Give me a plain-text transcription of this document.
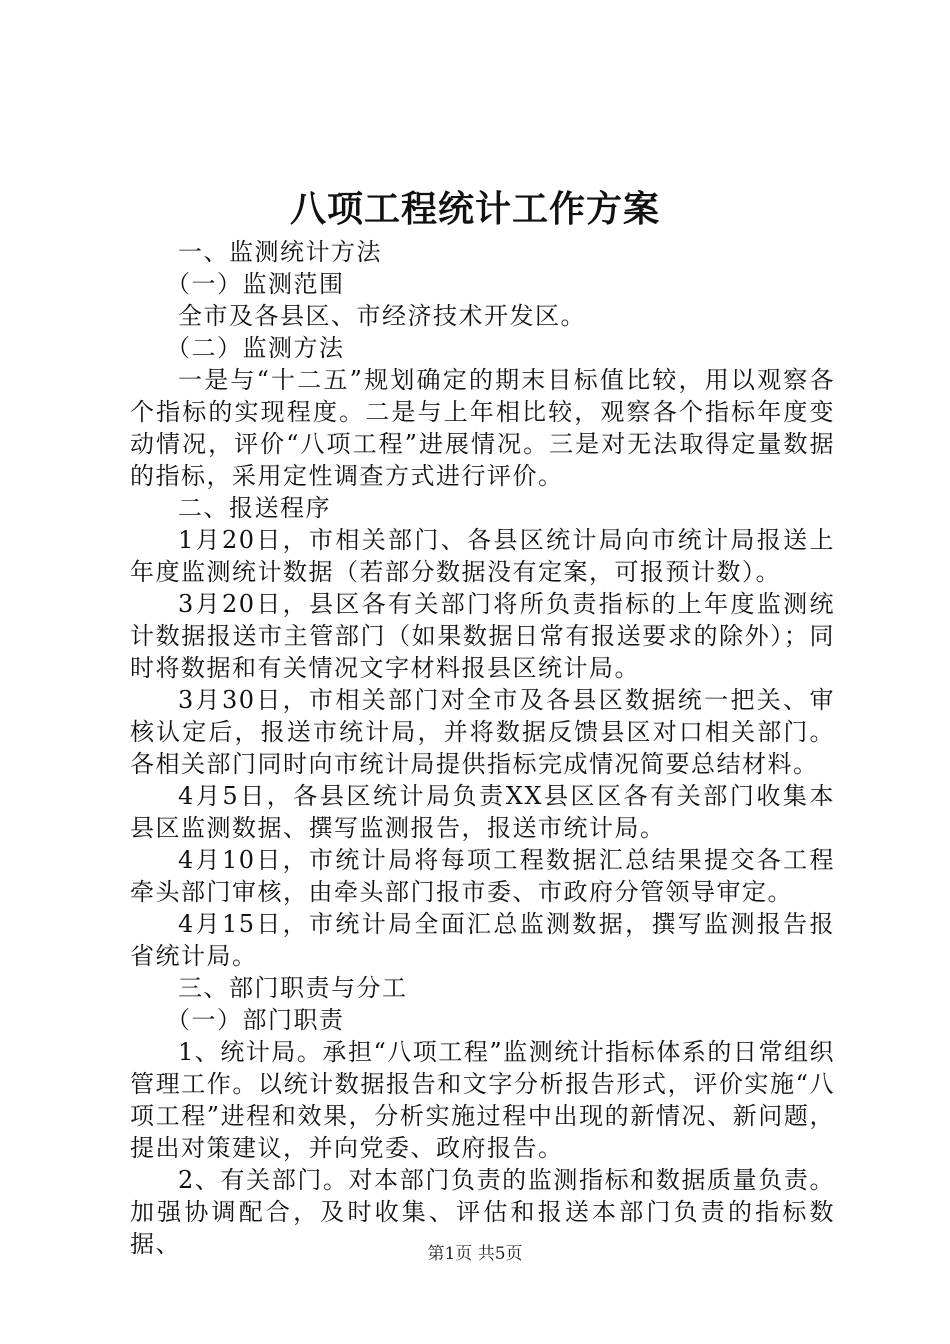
八项工程统计工作方案

一、监测统计方法

（一）监测范围

全市及各县区、市经济技术开发区。

（二）监测方法

一是与“十二五”规划确定的期末目标值比较，用以观察各个指标的实现程度。二是与上年相比较，观察各个指标年度变动情况，评价“八项工程”进展情况。三是对无法取得定量数据的指标，采用定性调查方式进行评价。

二、报送程序

1月20日，市相关部门、各县区统计局向市统计局报送上年度监测统计数据（若部分数据没有定案，可报预计数）。

3月20日，县区各有关部门将所负责指标的上年度监测统计数据报送市主管部门（如果数据日常有报送要求的除外）；同时将数据和有关情况文字材料报县区统计局。

3月30日，市相关部门对全市及各县区数据统一把关、审核认定后，报送市统计局，并将数据反馈县区对口相关部门。各相关部门同时向市统计局提供指标完成情况简要总结材料。

4月5日，各县区统计局负责XX县区区各有关部门收集本县区监测数据、撰写监测报告，报送市统计局。

4月10日，市统计局将每项工程数据汇总结果提交各工程牵头部门审核，由牵头部门报市委、市政府分管领导审定。

4月15日，市统计局全面汇总监测数据，撰写监测报告报省统计局。

三、部门职责与分工

（一）部门职责

1、统计局。承担“八项工程”监测统计指标体系的日常组织管理工作。以统计数据报告和文字分析报告形式，评价实施“八项工程”进程和效果，分析实施过程中出现的新情况、新问题，提出对策建议，并向党委、政府报告。

2、有关部门。对本部门负责的监测指标和数据质量负责。加强协调配合，及时收集、评估和报送本部门负责的指标数据、	第1页 共5页
